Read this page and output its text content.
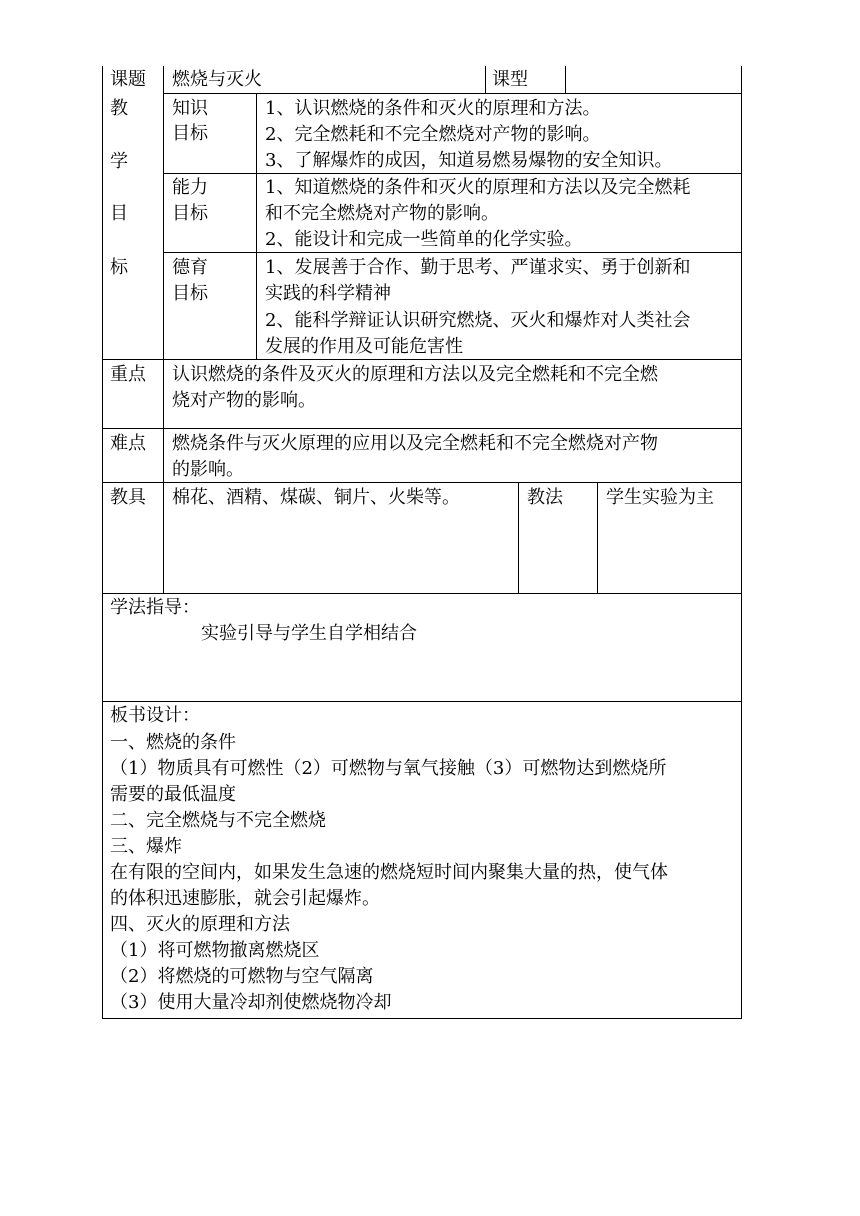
课题 燃烧与灭火	课型
教
学
目
标
知识
目标
1、认识燃烧的条件和灭火的原理和方法。
2、完全燃耗和不完全燃烧对产物的影响。
3、了解爆炸的成因，知道易燃易爆物的安全知识。
能力
目标
1、知道燃烧的条件和灭火的原理和方法以及完全燃耗
和不完全燃烧对产物的影响。
2、能设计和完成一些简单的化学实验。
德育
目标
1、发展善于合作、勤于思考、严谨求实、勇于创新和
实践的科学精神
2、能科学辩证认识研究燃烧、灭火和爆炸对人类社会
发展的作用及可能危害性
重点 认识燃烧的条件及灭火的原理和方法以及完全燃耗和不完全燃
烧对产物的影响。
难点 燃烧条件与灭火原理的应用以及完全燃耗和不完全燃烧对产物
的影响。
教具 棉花、酒精、煤碳、铜片、火柴等。	教法 学生实验为主
学法指导：
实验引导与学生自学相结合
板书设计：
一、燃烧的条件
（1）物质具有可燃性（2）可燃物与氧气接触（3）可燃物达到燃烧所
需要的最低温度
二、完全燃烧与不完全燃烧
三、爆炸
在有限的空间内，如果发生急速的燃烧短时间内聚集大量的热，使气体
的体积迅速膨胀，就会引起爆炸。
四、灭火的原理和方法
（1）将可燃物撤离燃烧区
（2）将燃烧的可燃物与空气隔离
（3）使用大量冷却剂使燃烧物冷却
